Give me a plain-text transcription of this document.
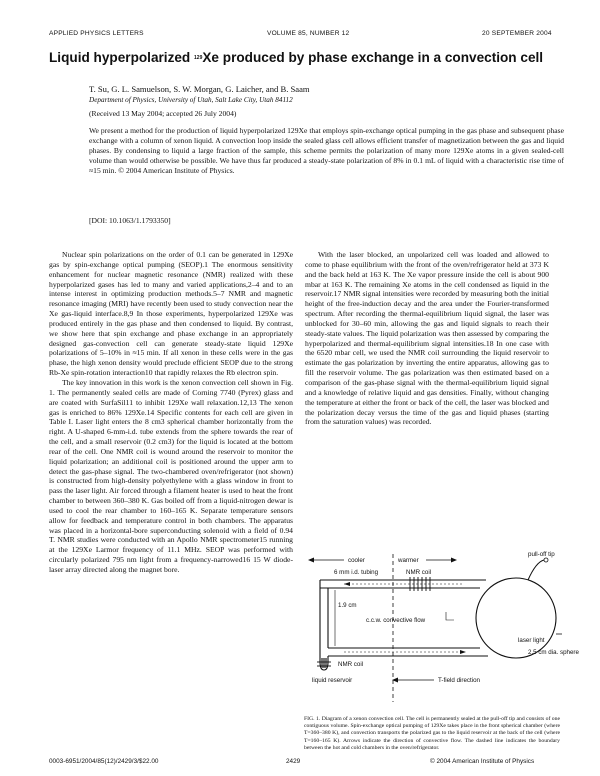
APPLIED PHYSICS LETTERS	VOLUME 85, NUMBER 12	20 SEPTEMBER 2004
Liquid hyperpolarized $^{129}$Xe produced by phase exchange in a convection cell
T. Su, G. L. Samuelson, S. W. Morgan, G. Laicher, and B. Saam
Department of Physics, University of Utah, Salt Lake City, Utah 84112
(Received 13 May 2004; accepted 26 July 2004)
We present a method for the production of liquid hyperpolarized 129Xe that employs spin-exchange optical pumping in the gas phase and subsequent phase exchange with a column of xenon liquid. A convection loop inside the sealed glass cell allows efficient transfer of magnetization between the gas and liquid phases. By condensing to liquid a large fraction of the sample, this scheme permits the polarization of many more 129Xe atoms in a given sealed-cell volume than would otherwise be possible. We have thus far produced a steady-state polarization of 8% in 0.1 mL of liquid with a characteristic rise time of ≈15 min. © 2004 American Institute of Physics.
[DOI: 10.1063/1.1793350]

Nuclear spin polarizations on the order of 0.1 can be generated in 129Xe gas by spin-exchange optical pumping (SEOP).1 The enormous sensitivity enhancement for nuclear magnetic resonance (NMR) realized with these hyperpolarized gases has led to many and varied applications,2–4 and to an intense interest in optimizing production methods.5–7 NMR and magnetic resonance imaging (MRI) have recently been used to study convection near the Xe gas-liquid interface.8,9 In those experiments, hyperpolarized 129Xe was produced entirely in the gas phase and then condensed to liquid. By contrast, we show here that spin exchange and phase exchange in an appropriately designed gas-convection cell can generate steady-state liquid 129Xe polarizations of 5–10% in ≈15 min. If all xenon in these cells were in the gas phase, the high xenon density would preclude efficient SEOP due to the strong Rb-Xe spin-rotation interaction10 that rapidly relaxes the Rb electron spin.

The key innovation in this work is the xenon convection cell shown in Fig. 1. The permanently sealed cells are made of Corning 7740 (Pyrex) glass and are coated with SurfaSil11 to inhibit 129Xe wall relaxation.12,13 The xenon gas is enriched to 86% 129Xe.14 Specific contents for each cell are given in Table I. Laser light enters the 8 cm3 spherical chamber horizontally from the right. A U-shaped 6-mm-i.d. tube extends from the sphere towards the rear of the cell, and a small reservoir (0.2 cm3) for the liquid is located at the bottom rear of the cell. One NMR coil is wound around the reservoir to monitor the liquid polarization; an additional coil is positioned around the upper arm to detect the gas-phase signal. The two-chambered oven/refrigerator (not shown) is constructed from high-density polyethylene with a glass window in front to pass the laser light. Air forced through a filament heater is used to heat the front chamber to between 360–380 K. Gas boiled off from a liquid-nitrogen dewar is used to cool the rear chamber to 160–165 K. Separate temperature sensors allow for feedback and temperature control in both chambers. The apparatus was placed in a horizontal-bore superconducting solenoid with a field of 0.94 T. NMR studies were conducted with an Apollo NMR spectrometer15 running at the 129Xe Larmor frequency of 11.1 MHz. SEOP was performed with circularly polarized 795 nm light from a frequency-narrowed16 15 W diode-laser array directed along the magnet bore.

With the laser blocked, an unpolarized cell was loaded and allowed to come to phase equilibrium with the front of the oven/refrigerator held at 373 K and the back held at 163 K. The Xe vapor pressure inside the cell is about 900 mbar at 163 K. The remaining Xe atoms in the cell condensed as liquid in the reservoir.17 NMR signal intensities were recorded by measuring both the initial height of the free-induction decay and the area under the Fourier-transformed spectrum. After recording the thermal-equilibrium liquid signal, the laser was unblocked for 30–60 min, allowing the gas and liquid signals to reach their steady-state values. The liquid polarization was then assessed by comparing the hyperpolarized and thermal-equilibrium signal intensities.18 In one case with the 6520 mbar cell, we used the NMR coil surrounding the liquid reservoir to estimate the gas polarization by inverting the entire apparatus, allowing gas to fill the reservoir volume. The gas polarization was then estimated based on a comparison of the gas-phase signal with the thermal-equilibrium liquid signal and a knowledge of relative liquid and gas densities. Finally, without changing the temperature at either the front or back of the cell, the laser was blocked and the polarization decay versus the time of the gas and liquid phases (starting from the saturation values) was recorded.

cooler	warmer
pull-off tip
NMR coil
6 mm i.d. tubing
1.9 cm
c.c.w. convective flow
laser light
2.5 cm dia. sphere
NMR coil
liquid reservoir	T-field direction
FIG. 1. Diagram of a xenon convection cell. The cell is permanently sealed at the pull-off tip and consists of one contiguous volume. Spin-exchange optical pumping of 129Xe takes place in the front spherical chamber (where T=360–380 K), and convection transports the polarized gas to the liquid reservoir at the back of the cell (where T=160–165 K). Arrows indicate the direction of convective flow. The dashed line indicates the boundary between the hot and cold chambers in the oven/refrigerator.
0003-6951/2004/85(12)/2429/3/$22.00	2429	© 2004 American Institute of Physics
